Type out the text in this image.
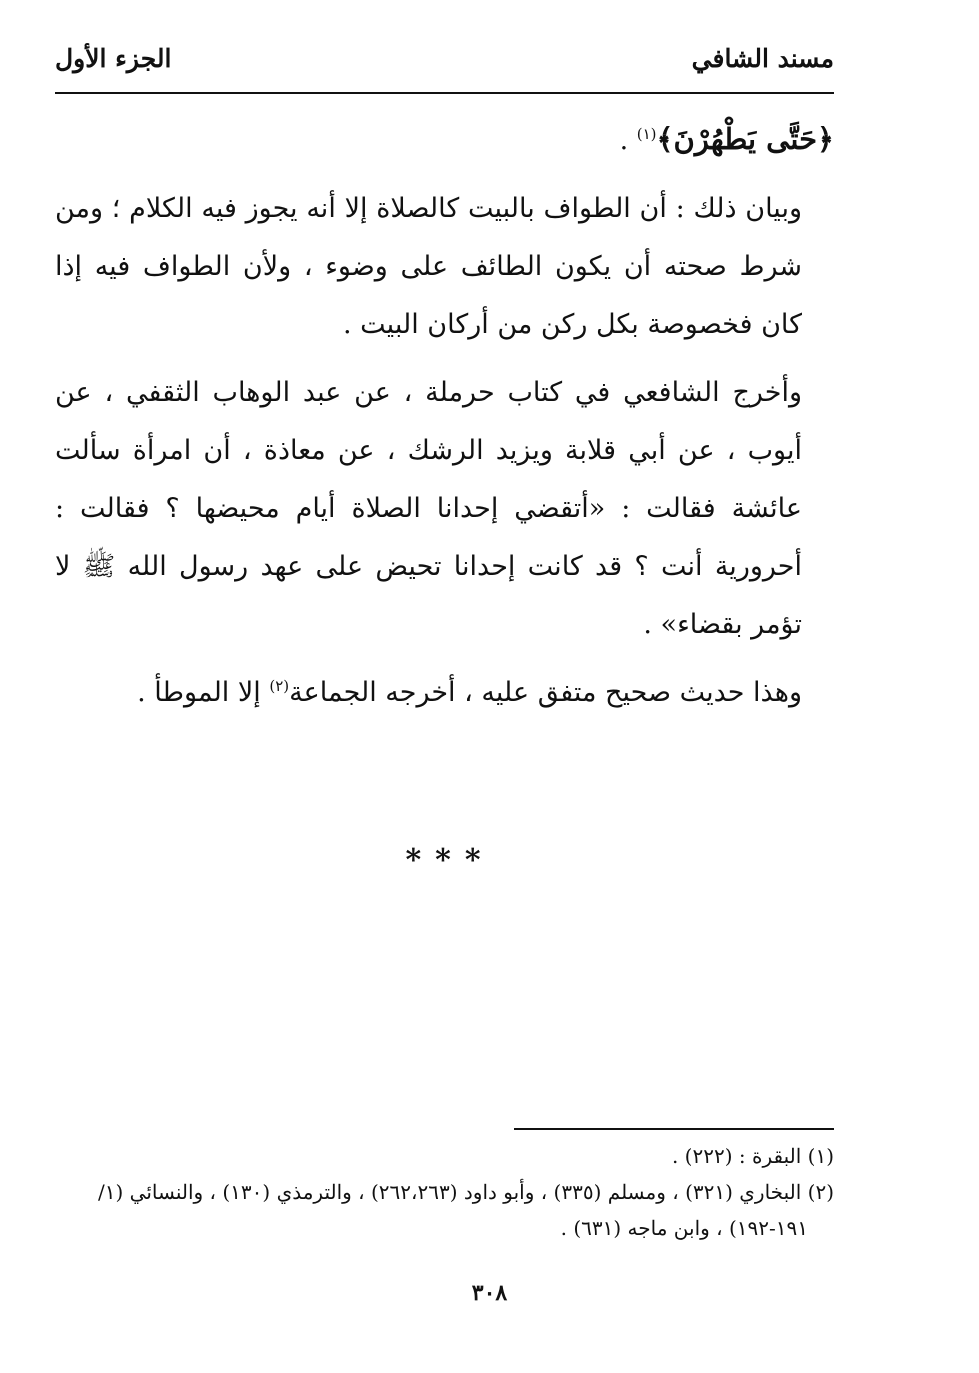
مسند الشافي
الجزء الأول

﴿حَتَّى يَطْهُرْنَ﴾$^{(١)}$ .

وبيان ذلك : أن الطواف بالبيت كالصلاة إلا أنه يجوز فيه الكلام ؛ ومن شرط صحته أن يكون الطائف على وضوء ، ولأن الطواف فيه إذا كان فخصوصة بكل ركن من أركان البيت .

وأخرج الشافعي في كتاب حرملة ، عن عبد الوهاب الثقفي ، عن أيوب ، عن أبي قلابة ويزيد الرشك ، عن معاذة ، أن امرأة سألت عائشة فقالت : «أتقضي إحدانا الصلاة أيام محيضها ؟ فقالت : أحرورية أنت ؟ قد كانت إحدانا تحيض على عهد رسول الله ﷺ لا تؤمر بقضاء» .

وهذا حديث صحيح متفق عليه ، أخرجه الجماعة$^{(٢)}$ إلا الموطأ .

***

(١) البقرة : (٢٢٢) .

(٢) البخاري (٣٢١) ، ومسلم (٣٣٥) ، وأبو داود (٢٦٢،٢٦٣) ، والترمذي (١٣٠) ، والنسائي (١/

١٩١-١٩٢) ، وابن ماجه (٦٣١) .

٣٠٨
